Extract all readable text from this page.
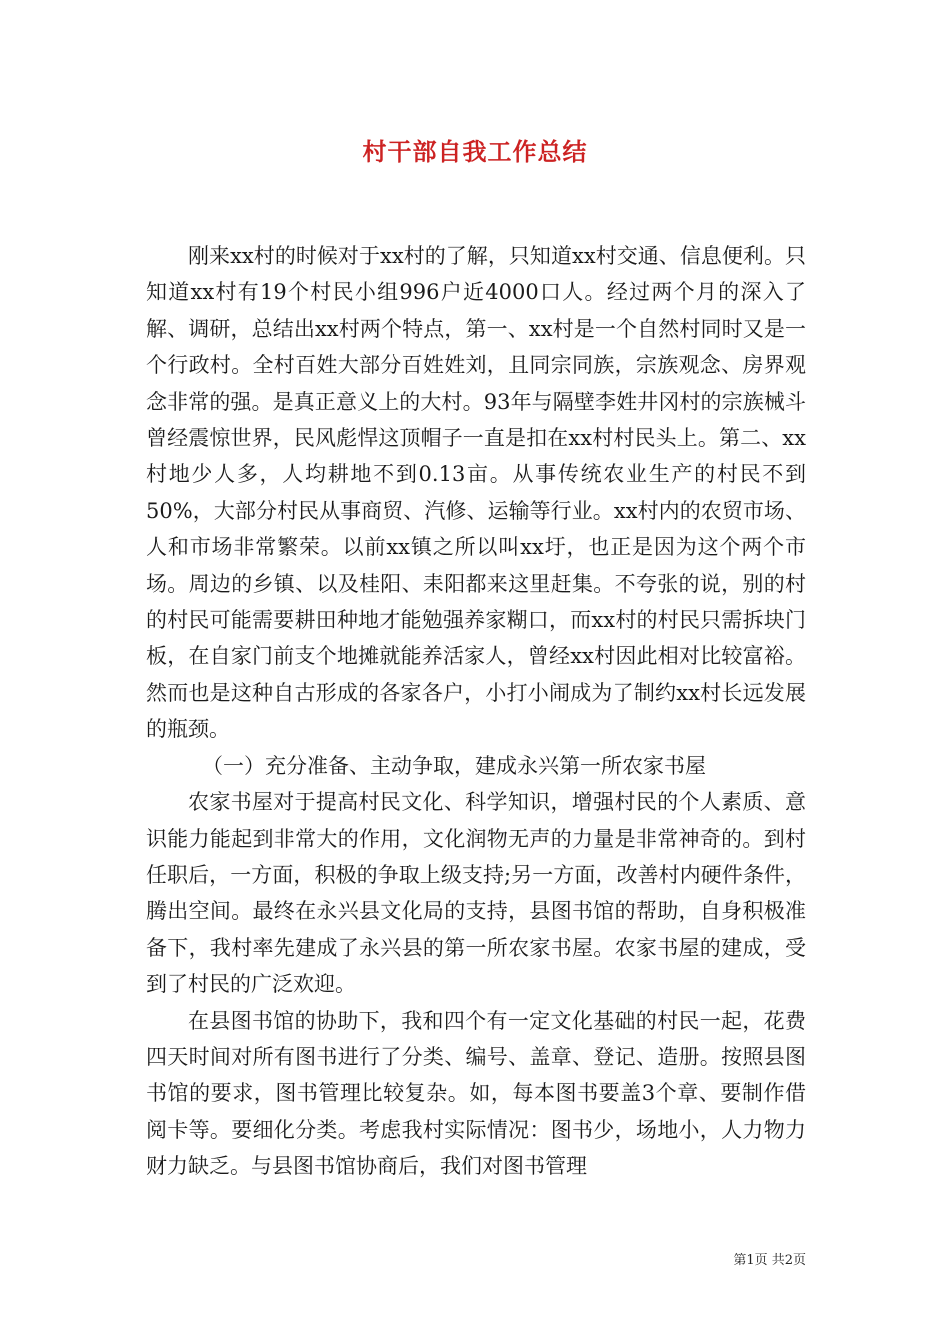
村干部自我工作总结

刚来xx村的时候对于xx村的了解，只知道xx村交通、信息便利。只知道xx村有19个村民小组996户近4000口人。经过两个月的深入了解、调研，总结出xx村两个特点，第一、xx村是一个自然村同时又是一个行政村。全村百姓大部分百姓姓刘，且同宗同族，宗族观念、房界观念非常的强。是真正意义上的大村。93年与隔壁李姓井冈村的宗族械斗曾经震惊世界，民风彪悍这顶帽子一直是扣在xx村村民头上。第二、xx村地少人多，人均耕地不到0.13亩。从事传统农业生产的村民不到50%，大部分村民从事商贸、汽修、运输等行业。xx村内的农贸市场、人和市场非常繁荣。以前xx镇之所以叫xx圩，也正是因为这个两个市场。周边的乡镇、以及桂阳、耒阳都来这里赶集。不夸张的说，别的村的村民可能需要耕田种地才能勉强养家糊口，而xx村的村民只需拆块门板，在自家门前支个地摊就能养活家人，曾经xx村因此相对比较富裕。然而也是这种自古形成的各家各户，小打小闹成为了制约xx村长远发展的瓶颈。

（一）充分准备、主动争取，建成永兴第一所农家书屋

农家书屋对于提高村民文化、科学知识，增强村民的个人素质、意识能力能起到非常大的作用，文化润物无声的力量是非常神奇的。到村任职后，一方面，积极的争取上级支持;另一方面，改善村内硬件条件，腾出空间。最终在永兴县文化局的支持，县图书馆的帮助，自身积极准备下，我村率先建成了永兴县的第一所农家书屋。农家书屋的建成，受到了村民的广泛欢迎。

在县图书馆的协助下，我和四个有一定文化基础的村民一起，花费四天时间对所有图书进行了分类、编号、盖章、登记、造册。按照县图书馆的要求，图书管理比较复杂。如，每本图书要盖3个章、要制作借阅卡等。要细化分类。考虑我村实际情况：图书少，场地小，人力物力财力缺乏。与县图书馆协商后，我们对图书管理

第1页 共2页
